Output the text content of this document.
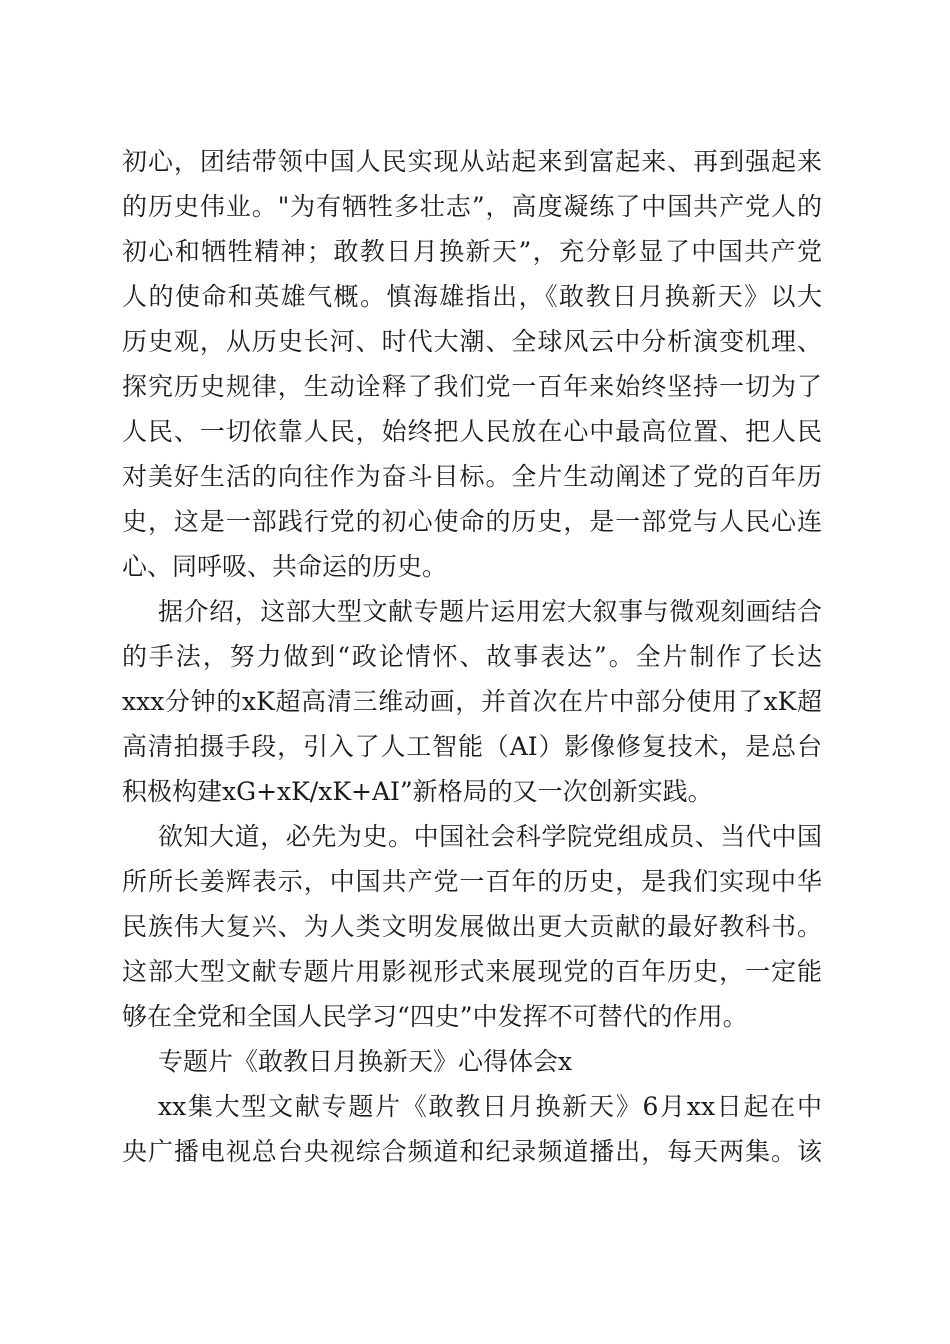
初心，团结带领中国人民实现从站起来到富起来、再到强起来
的历史伟业。"为有牺牲多壮志”，高度凝练了中国共产党人的
初心和牺牲精神；敢教日月换新天”，充分彰显了中国共产党
人的使命和英雄气概。慎海雄指出，《敢教日月换新天》以大
历史观，从历史长河、时代大潮、全球风云中分析演变机理、
探究历史规律，生动诠释了我们党一百年来始终坚持一切为了
人民、一切依靠人民，始终把人民放在心中最高位置、把人民
对美好生活的向往作为奋斗目标。全片生动阐述了党的百年历
史，这是一部践行党的初心使命的历史，是一部党与人民心连
心、同呼吸、共命运的历史。
据介绍，这部大型文献专题片运用宏大叙事与微观刻画结合
的手法，努力做到“政论情怀、故事表达”。全片制作了长达
xxx分钟的xK超高清三维动画，并首次在片中部分使用了xK超
高清拍摄手段，引入了人工智能（AI）影像修复技术，是总台
积极构建xG+xK/xK+AI”新格局的又一次创新实践。
欲知大道，必先为史。中国社会科学院党组成员、当代中国
所所长姜辉表示，中国共产党一百年的历史，是我们实现中华
民族伟大复兴、为人类文明发展做出更大贡献的最好教科书。
这部大型文献专题片用影视形式来展现党的百年历史，一定能
够在全党和全国人民学习“四史”中发挥不可替代的作用。
专题片《敢教日月换新天》心得体会x
xx集大型文献专题片《敢教日月换新天》6月xx日起在中
央广播电视总台央视综合频道和纪录频道播出，每天两集。该
